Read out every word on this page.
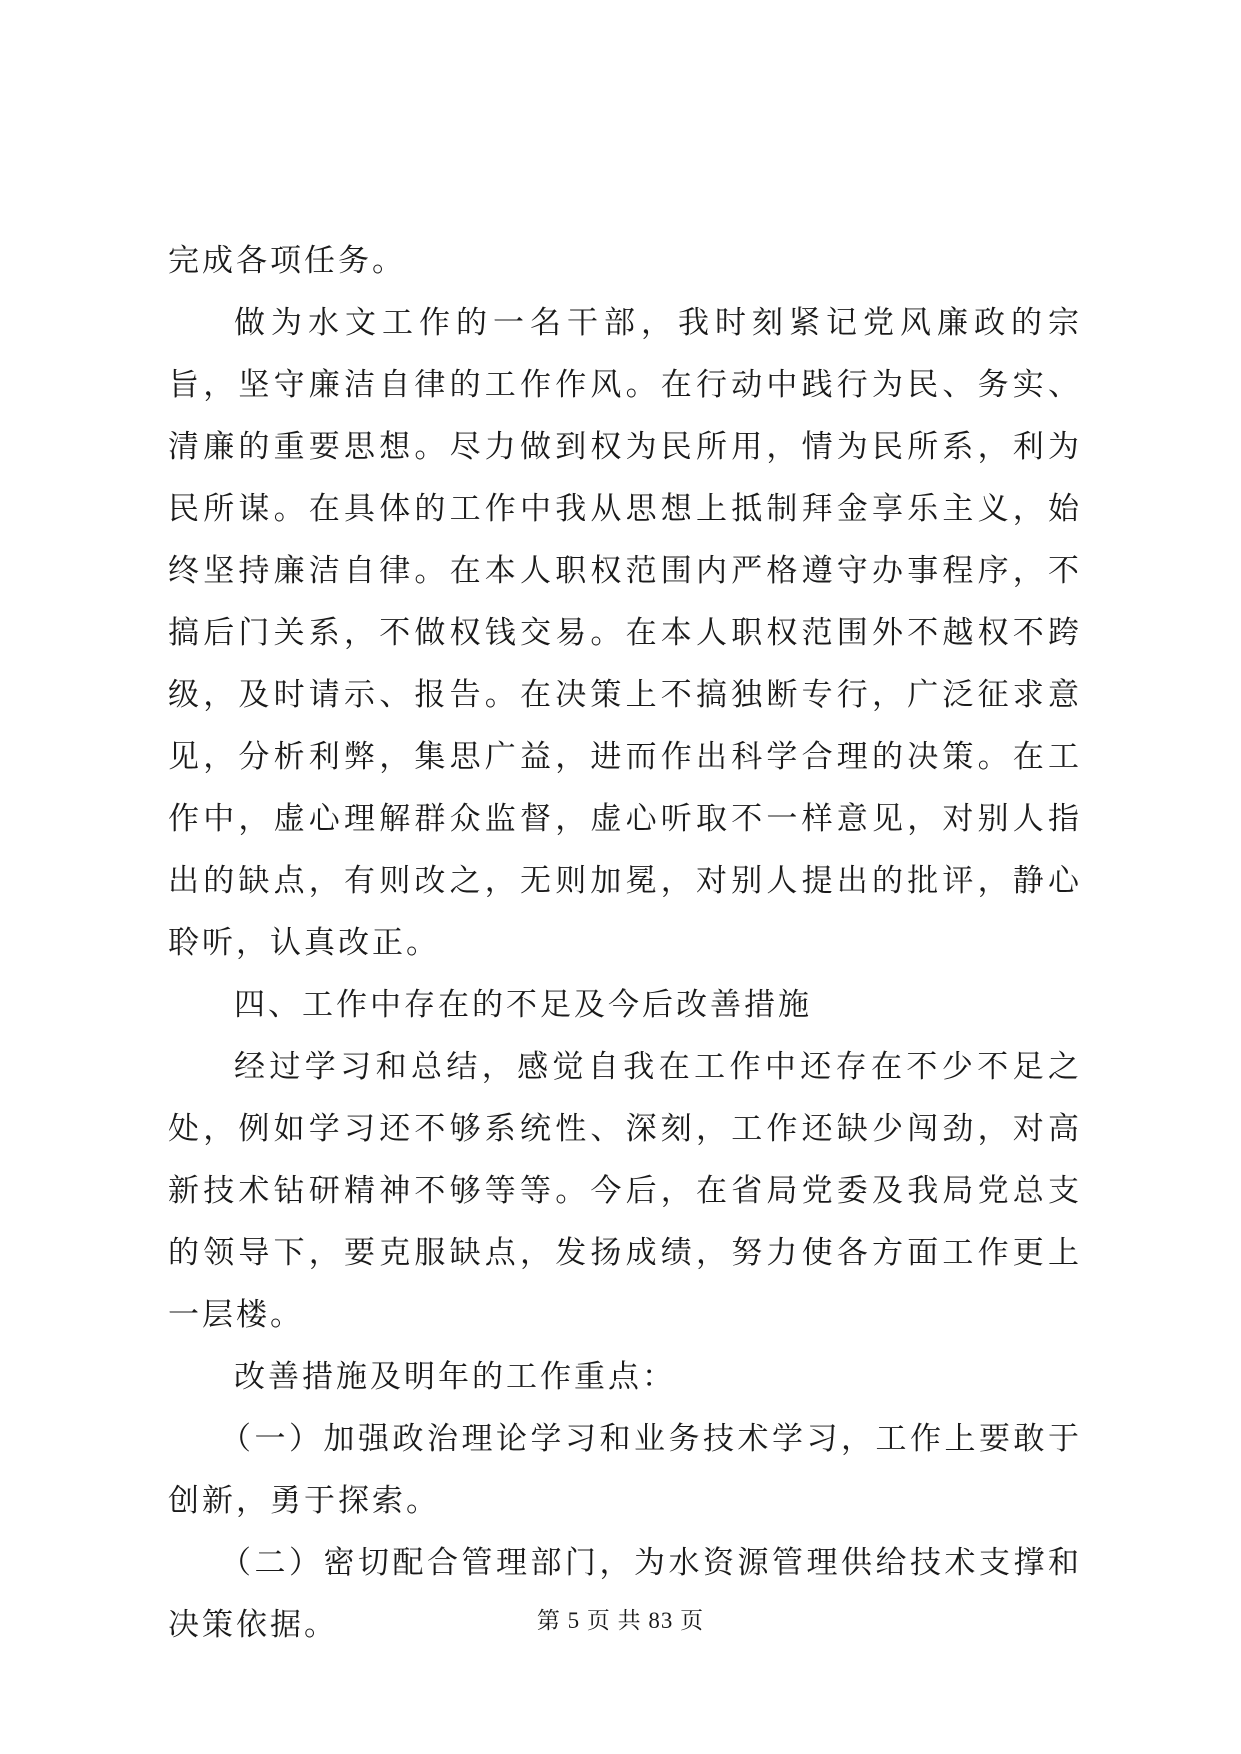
完成各项任务。

做为水文工作的一名干部，我时刻紧记党风廉政的宗旨，坚守廉洁自律的工作作风。在行动中践行为民、务实、清廉的重要思想。尽力做到权为民所用，情为民所系，利为民所谋。在具体的工作中我从思想上抵制拜金享乐主义，始终坚持廉洁自律。在本人职权范围内严格遵守办事程序，不搞后门关系，不做权钱交易。在本人职权范围外不越权不跨级，及时请示、报告。在决策上不搞独断专行，广泛征求意见，分析利弊，集思广益，进而作出科学合理的决策。在工作中，虚心理解群众监督，虚心听取不一样意见，对别人指出的缺点，有则改之，无则加冕，对别人提出的批评，静心聆听，认真改正。

四、工作中存在的不足及今后改善措施

经过学习和总结，感觉自我在工作中还存在不少不足之处，例如学习还不够系统性、深刻，工作还缺少闯劲，对高新技术钻研精神不够等等。今后，在省局党委及我局党总支的领导下，要克服缺点，发扬成绩，努力使各方面工作更上一层楼。

改善措施及明年的工作重点：

（一）加强政治理论学习和业务技术学习，工作上要敢于创新，勇于探索。

（二）密切配合管理部门，为水资源管理供给技术支撑和决策依据。	第 5 页 共 83 页
